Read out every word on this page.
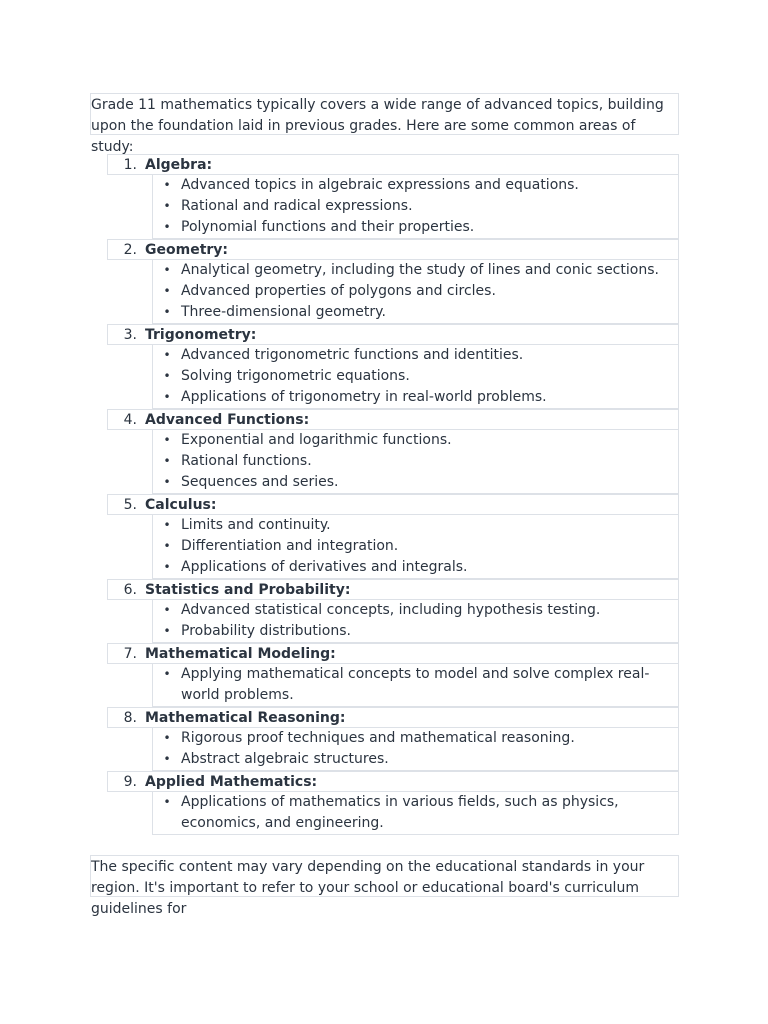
Grade 11 mathematics typically covers a wide range of advanced topics, building upon the foundation laid in previous grades. Here are some common areas of study:
1. Algebra:
• Advanced topics in algebraic expressions and equations.
• Rational and radical expressions.
• Polynomial functions and their properties.
2. Geometry:
• Analytical geometry, including the study of lines and conic sections.
• Advanced properties of polygons and circles.
• Three-dimensional geometry.
3. Trigonometry:
• Advanced trigonometric functions and identities.
• Solving trigonometric equations.
• Applications of trigonometry in real-world problems.
4. Advanced Functions:
• Exponential and logarithmic functions.
• Rational functions.
• Sequences and series.
5. Calculus:
• Limits and continuity.
• Differentiation and integration.
• Applications of derivatives and integrals.
6. Statistics and Probability:
• Advanced statistical concepts, including hypothesis testing.
• Probability distributions.
7. Mathematical Modeling:
• Applying mathematical concepts to model and solve complex real-world problems.
8. Mathematical Reasoning:
• Rigorous proof techniques and mathematical reasoning.
• Abstract algebraic structures.
9. Applied Mathematics:
• Applications of mathematics in various fields, such as physics, economics, and engineering.
The specific content may vary depending on the educational standards in your region. It's important to refer to your school or educational board's curriculum guidelines for
